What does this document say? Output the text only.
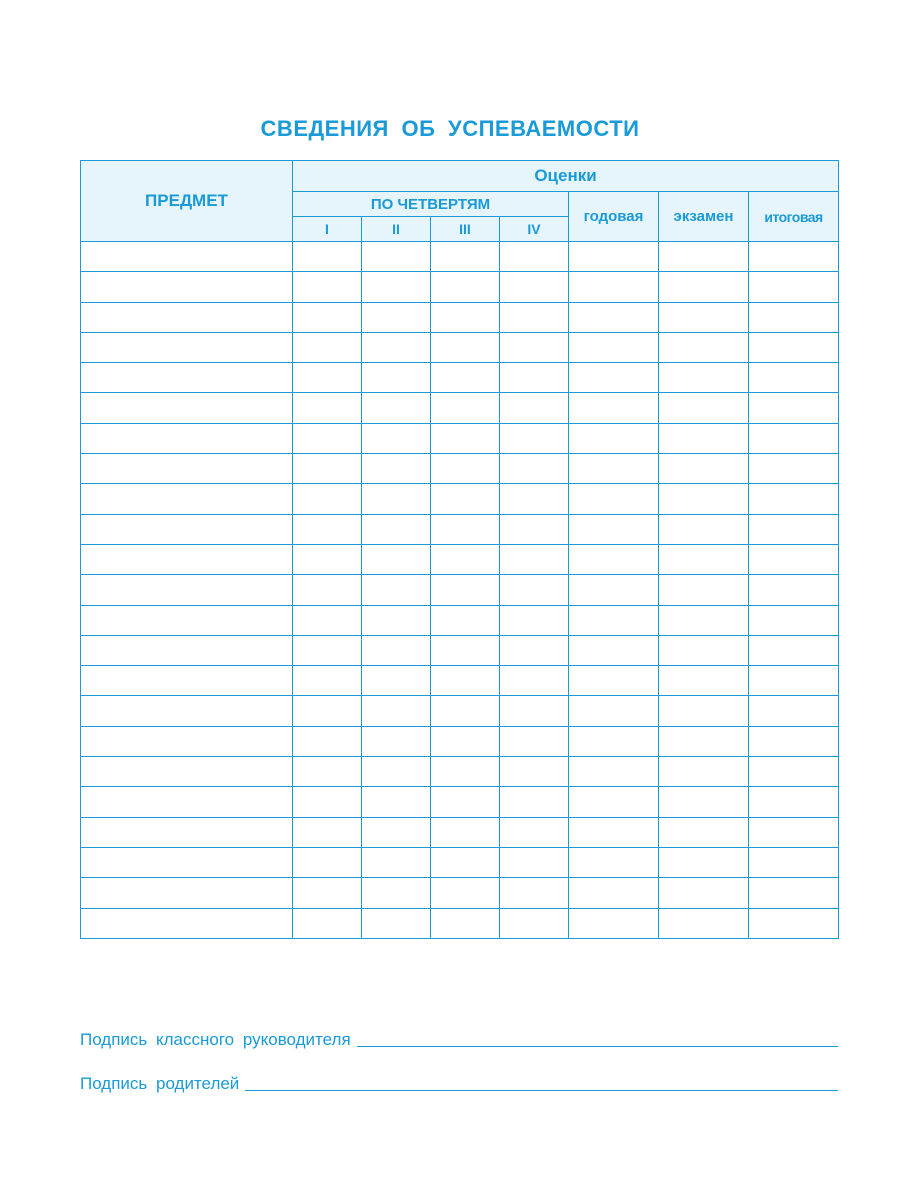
СВЕДЕНИЯ ОБ УСПЕВАЕМОСТИ
ПРЕДМЕТ	Оценки						
	ПО ЧЕТВЕРТЯМ				годовая	экзамен	итоговая
	I	II	III	IV			

Подпись классного руководителя
Подпись родителей
